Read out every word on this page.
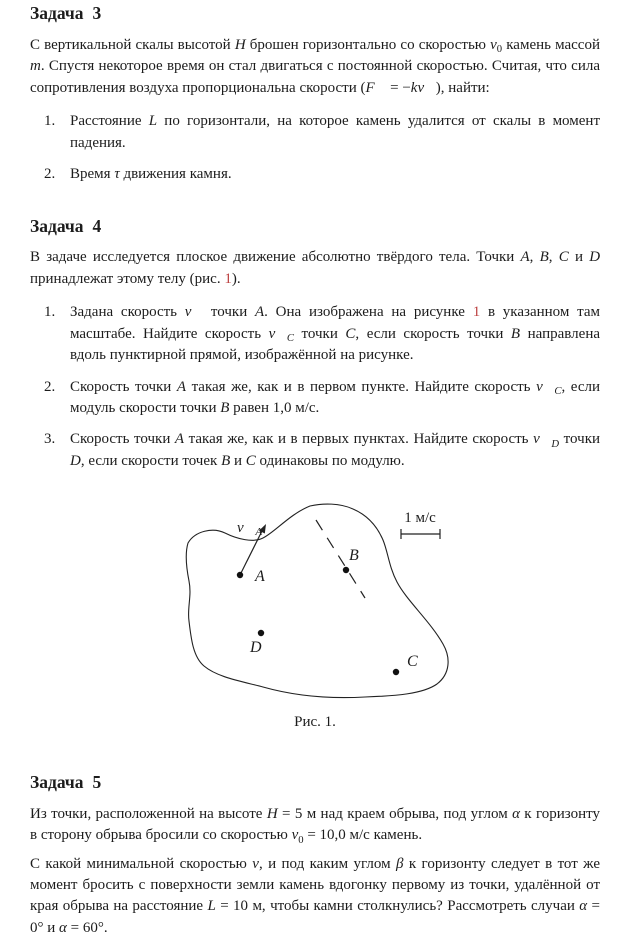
Задача 3

С вертикальной скалы высотой H брошен горизонтально со скоростью $v_0$ камень массой m. Спустя некоторое время он стал двигаться с постоянной скоростью. Считая, что сила сопротивления воздуха пропорциональна скорости (F⃗ = −kv⃗), найти:

1. Расстояние L по горизонтали, на которое камень удалится от скалы в момент падения.
2. Время τ движения камня.
Задача 4

В задаче исследуется плоское движение абсолютно твёрдого тела. Точки A, B, C и D принадлежат этому телу (рис. 1).

1. Задана скорость v⃗ точки A. Она изображена на рисунке 1 в указанном там масштабе. Найдите скорость $v⃗_C$ точки C, если скорость точки B направлена вдоль пунктирной прямой, изображённой на рисунке.
2. Скорость точки A такая же, как и в первом пункте. Найдите скорость $v⃗_C$, если модуль скорости точки B равен 1,0 м/с.
3. Скорость точки A такая же, как и в первых пунктах. Найдите скорость $v⃗_D$ точки D, если скорости точек B и C одинаковы по модулю.
$v⃗_A$
A
B
D
C
1 м/с
Рис. 1.
Задача 5

Из точки, расположенной на высоте H = 5 м над краем обрыва, под углом α к горизонту в сторону обрыва бросили со скоростью $v_0 = 10,0$ м/с камень.

С какой минимальной скоростью v, и под каким углом β к горизонту следует в тот же момент бросить с поверхности земли камень вдогонку первому из точки, удалённой от края обрыва на расстояние L = 10 м, чтобы камни столкнулись? Рассмотреть случаи α = 0° и α = 60°.
